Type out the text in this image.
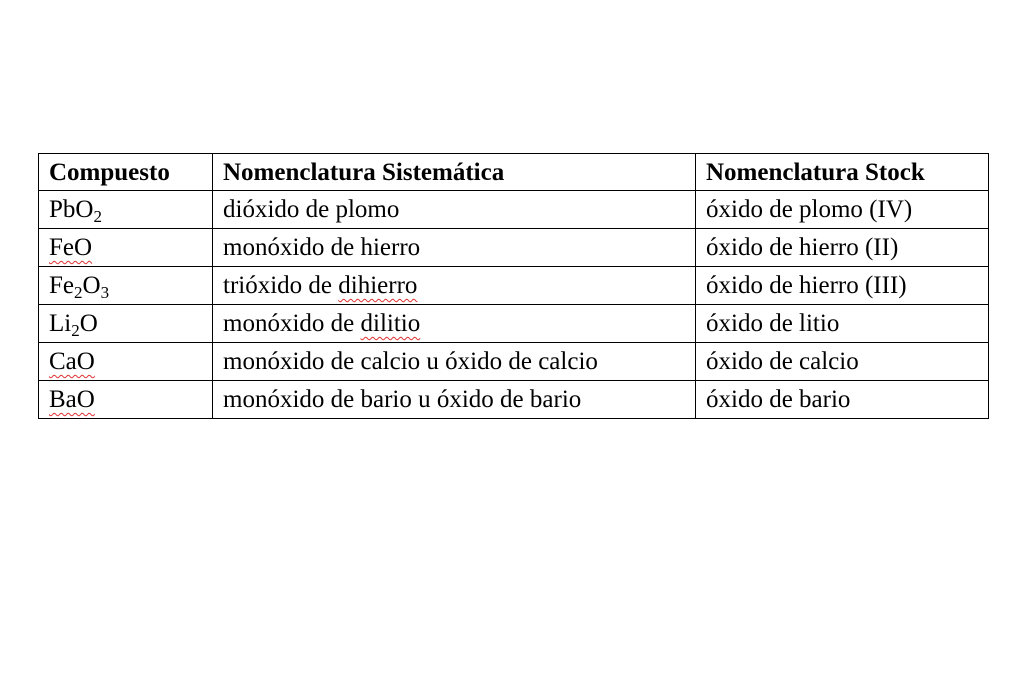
Compuesto	Nomenclatura Sistemática	Nomenclatura Stock
PbO$_2$	dióxido de plomo	óxido de plomo (IV)
FeO	monóxido de hierro	óxido de hierro (II)
$Fe_2O_3$	trióxido de dihierro	óxido de hierro (III)
$Li_2O$	monóxido de dilitio	óxido de litio
CaO	monóxido de calcio u óxido de calcio	óxido de calcio
BaO	monóxido de bario u óxido de bario	óxido de bario
